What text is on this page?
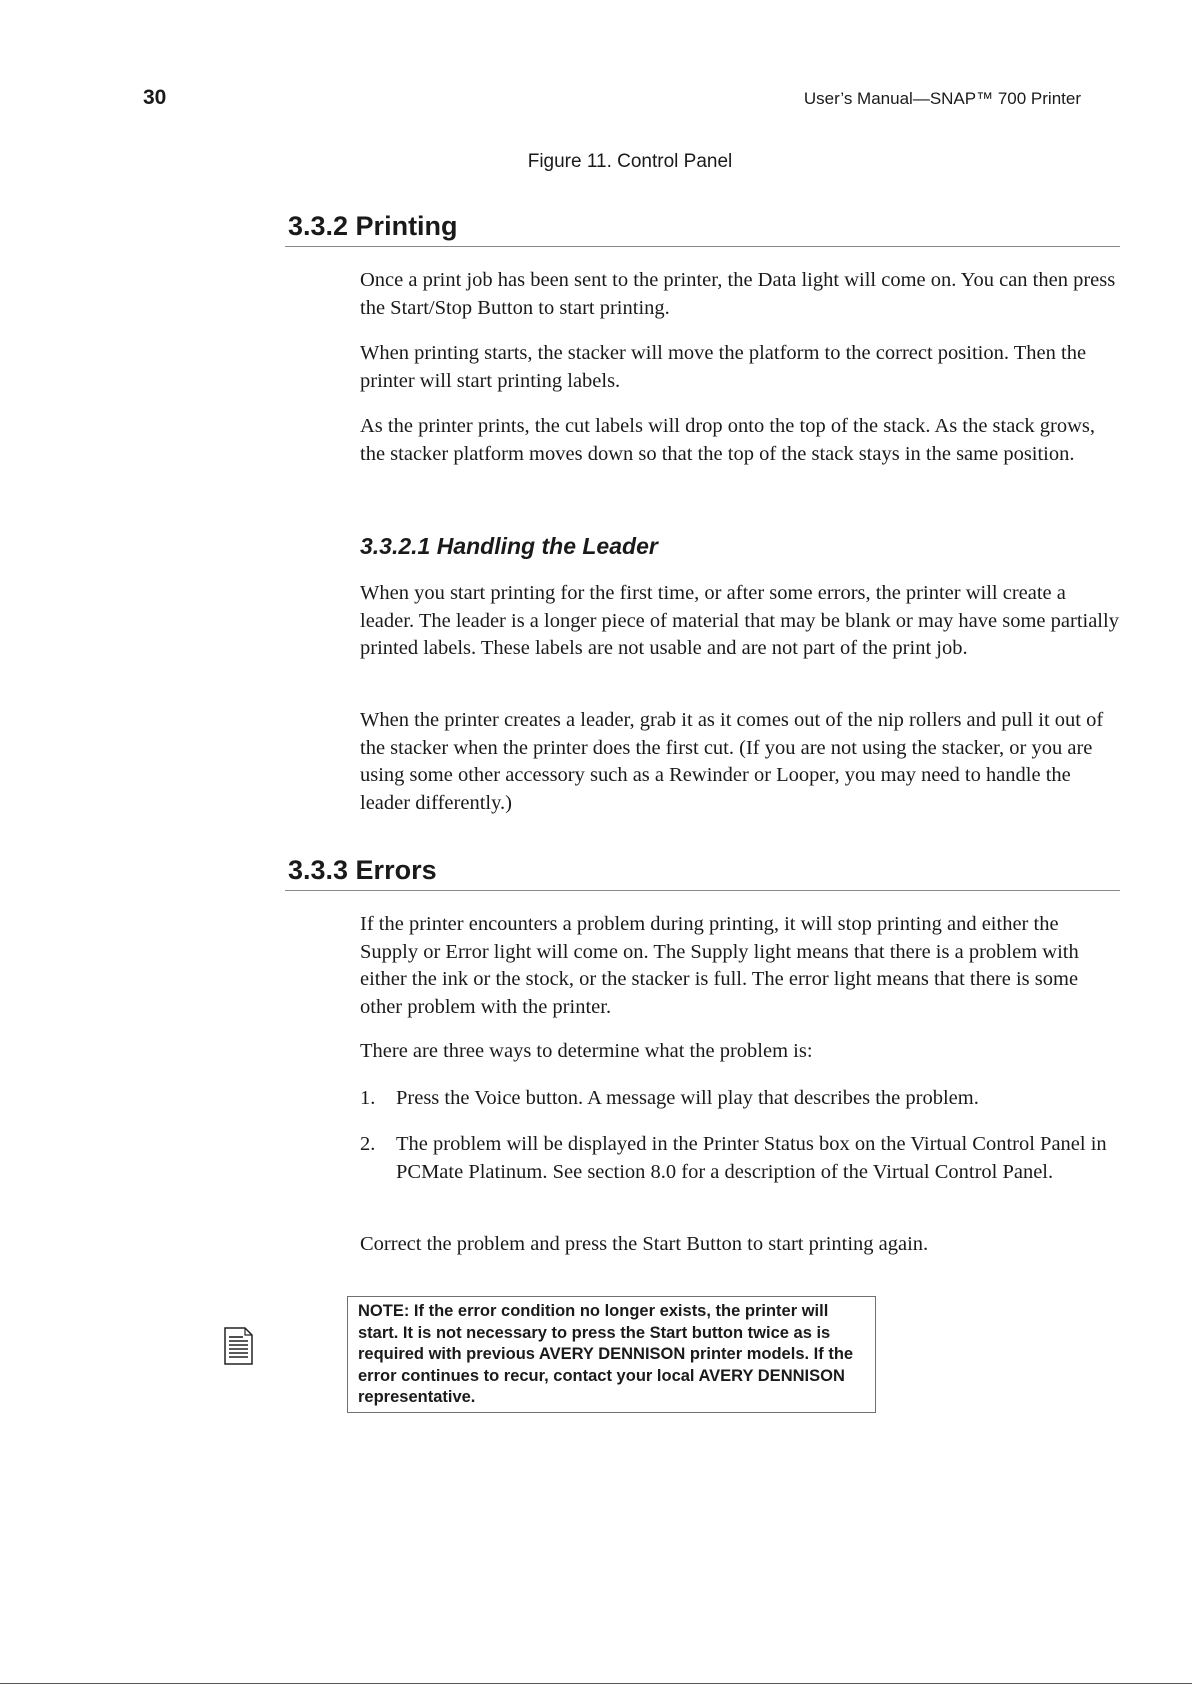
30	User’s Manual—SNAP™ 700 Printer
Figure 11. Control Panel
3.3.2 Printing

Once a print job has been sent to the printer, the Data light will come on. You can then press the Start/Stop Button to start printing.

When printing starts, the stacker will move the platform to the correct position. Then the printer will start printing labels.

As the printer prints, the cut labels will drop onto the top of the stack. As the stack grows, the stacker platform moves down so that the top of the stack stays in the same position.

3.3.2.1 Handling the Leader

When you start printing for the first time, or after some errors, the printer will create a leader. The leader is a longer piece of material that may be blank or may have some partially printed labels. These labels are not usable and are not part of the print job.

When the printer creates a leader, grab it as it comes out of the nip rollers and pull it out of the stacker when the printer does the first cut. (If you are not using the stacker, or you are using some other accessory such as a Rewinder or Looper, you may need to handle the leader differently.)

3.3.3 Errors

If the printer encounters a problem during printing, it will stop printing and either the Supply or Error light will come on. The Supply light means that there is a problem with either the ink or the stock, or the stacker is full. The error light means that there is some other problem with the printer.

There are three ways to determine what the problem is:

1. Press the Voice button. A message will play that describes the problem.
2. The problem will be displayed in the Printer Status box on the Virtual Control Panel in PCMate Platinum. See section 8.0 for a description of the Virtual Control Panel.

Correct the problem and press the Start Button to start printing again.

NOTE: If the error condition no longer exists, the printer will start. It is not necessary to press the Start button twice as is required with previous AVERY DENNISON printer models. If the error continues to recur, contact your local AVERY DENNISON representative.
